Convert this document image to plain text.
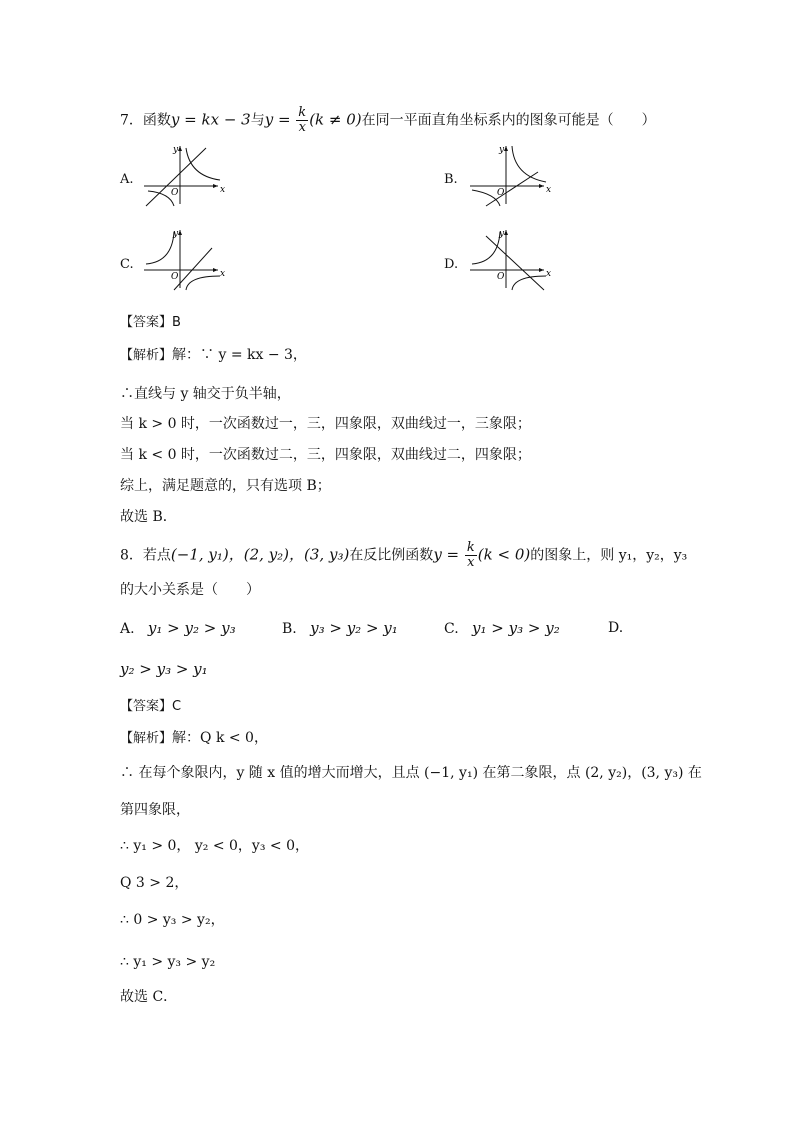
7．函数y = kx − 3与$y = \frac{k}{x} (k \ne 0)$在同一平面直角坐标系内的图象可能是（　　）
A.	B.
C.	D.
y
x
O
y
x
O
y
x
O
y
x
O
【答案】B
【解析】解：∵ y = kx − 3，
∴直线与 y 轴交于负半轴，
当 k > 0 时，一次函数过一，三，四象限，双曲线过一，三象限；
当 k < 0 时，一次函数过二，三，四象限，双曲线过二，四象限；
综上，满足题意的，只有选项 B；
故选 B．
8．若点(−1, y₁)，(2, y₂)，(3, y₃)在反比例函数$y = \frac{k}{x} (k < 0)$的图象上，则 y₁，y₂，y₃
的大小关系是（　　）
A. y₁ > y₂ > y₃	B. y₃ > y₂ > y₁	C. y₁ > y₃ > y₂	D.
y₂ > y₃ > y₁
【答案】C
【解析】解：Q k < 0，
∴ 在每个象限内，y 随 x 值的增大而增大，且点 (−1, y₁) 在第二象限，点 (2, y₂)，(3, y₃) 在
第四象限，
∴ y₁ > 0， y₂ < 0，y₃ < 0，
Q 3 > 2，
∴ 0 > y₃ > y₂，
∴ y₁ > y₃ > y₂
故选 C．
